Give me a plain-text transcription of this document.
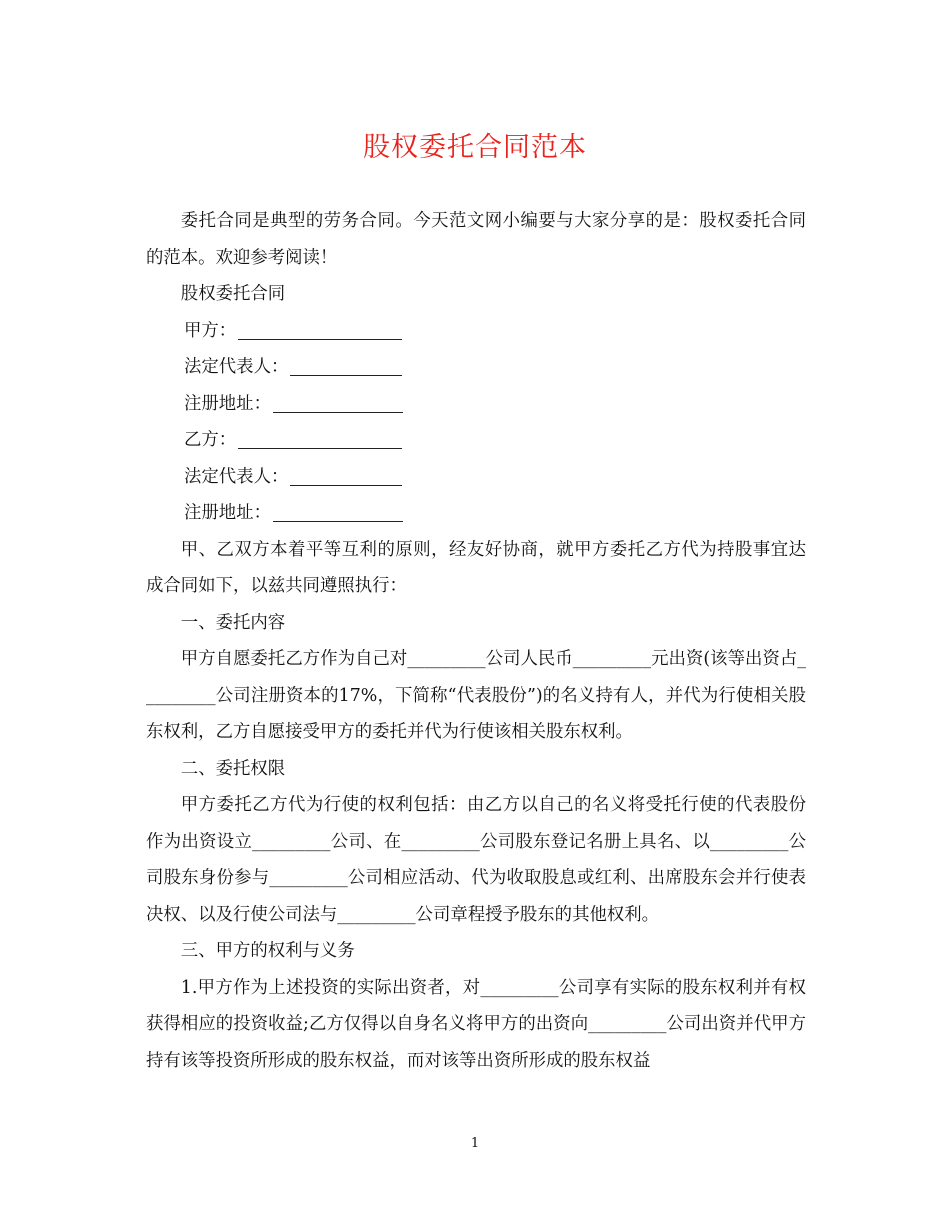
股权委托合同范本

委托合同是典型的劳务合同。今天范文网小编要与大家分享的是：股权委托合同的范本。欢迎参考阅读！

股权委托合同

甲方：

法定代表人：

注册地址：

乙方：

法定代表人：

注册地址：

甲、乙双方本着平等互利的原则，经友好协商，就甲方委托乙方代为持股事宜达成合同如下，以兹共同遵照执行：

一、委托内容

甲方自愿委托乙方作为自己对_________公司人民币_________元出资(该等出资占_________公司注册资本的17%，下简称“代表股份”)的名义持有人，并代为行使相关股东权利，乙方自愿接受甲方的委托并代为行使该相关股东权利。

二、委托权限

甲方委托乙方代为行使的权利包括：由乙方以自己的名义将受托行使的代表股份作为出资设立_________公司、在_________公司股东登记名册上具名、以_________公司股东身份参与_________公司相应活动、代为收取股息或红利、出席股东会并行使表决权、以及行使公司法与_________公司章程授予股东的其他权利。

三、甲方的权利与义务

1.甲方作为上述投资的实际出资者，对_________公司享有实际的股东权利并有权获得相应的投资收益;乙方仅得以自身名义将甲方的出资向_________公司出资并代甲方持有该等投资所形成的股东权益，而对该等出资所形成的股东权益

1
